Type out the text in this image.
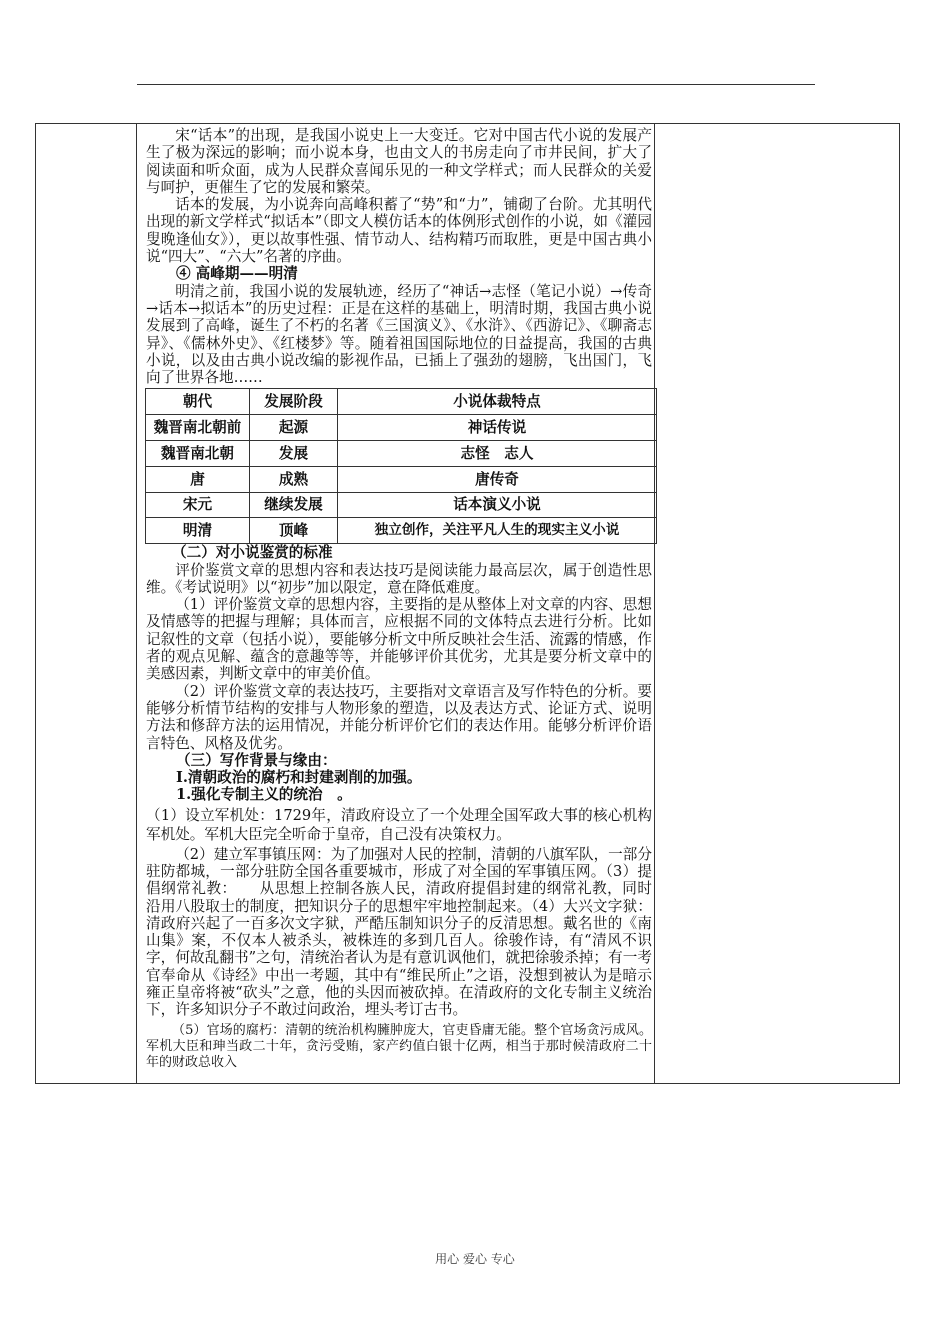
宋“话本”的出现，是我国小说史上一大变迁。它对中国古代小说的发展产生了极为深远的影响；而小说本身，也由文人的书房走向了市井民间，扩大了阅读面和听众面，成为人民群众喜闻乐见的一种文学样式；而人民群众的关爱与呵护，更催生了它的发展和繁荣。

话本的发展，为小说奔向高峰积蓄了“势”和“力”，铺砌了台阶。尤其明代出现的新文学样式“拟话本”（即文人模仿话本的体例形式创作的小说，如《灌园叟晚逢仙女》），更以故事性强、情节动人、结构精巧而取胜，更是中国古典小说“四大”、“六大”名著的序曲。

④ 高峰期——明清

明清之前，我国小说的发展轨迹，经历了“神话→志怪（笔记小说）→传奇→话本→拟话本”的历史过程：正是在这样的基础上，明清时期，我国古典小说发展到了高峰，诞生了不朽的名著《三国演义》、《水浒》、《西游记》、《聊斋志异》、《儒林外史》、《红楼梦》等。随着祖国国际地位的日益提高，我国的古典小说，以及由古典小说改编的影视作品，已插上了强劲的翅膀，飞出国门，飞向了世界各地……

朝代	发展阶段	小说体裁特点
魏晋南北朝前	起源	神话传说
魏晋南北朝	发展	志怪　志人
唐	成熟	唐传奇
宋元	继续发展	话本演义小说
明清	顶峰	独立创作，关注平凡人生的现实主义小说

（二）对小说鉴赏的标准

评价鉴赏文章的思想内容和表达技巧是阅读能力最高层次，属于创造性思维。《考试说明》以“初步”加以限定，意在降低难度。

（1）评价鉴赏文章的思想内容，主要指的是从整体上对文章的内容、思想及情感等的把握与理解；具体而言，应根据不同的文体特点去进行分析。比如记叙性的文章（包括小说），要能够分析文中所反映社会生活、流露的情感，作者的观点见解、蕴含的意趣等等，并能够评价其优劣，尤其是要分析文章中的美感因素，判断文章中的审美价值。

（2）评价鉴赏文章的表达技巧，主要指对文章语言及写作特色的分析。要能够分析情节结构的安排与人物形象的塑造，以及表达方式、论证方式、说明方法和修辞方法的运用情况，并能分析评价它们的表达作用。能够分析评价语言特色、风格及优劣。

（三）写作背景与缘由：

Ⅰ.清朝政治的腐朽和封建剥削的加强。

1.强化专制主义的统治　。

（1）设立军机处：1729年，清政府设立了一个处理全国军政大事的核心机构军机处。军机大臣完全听命于皇帝，自己没有决策权力。

（2）建立军事镇压网：为了加强对人民的控制，清朝的八旗军队，一部分驻防都城，一部分驻防全国各重要城市，形成了对全国的军事镇压网。（3）提倡纲常礼教：　　从思想上控制各族人民，清政府提倡封建的纲常礼教，同时　　沿用八股取士的制度，把知识分子的思想牢牢地控制起来。（4）大兴文字狱：清政府兴起了一百多次文字狱，严酷压制知识分子的反清思想。戴名世的《南山集》案，不仅本人被杀头，被株连的多到几百人。徐骏作诗，有“清风不识字，何故乱翻书”之句，清统治者认为是有意讥讽他们，就把徐骏杀掉；有一考官奉命从《诗经》中出一考题，其中有“维民所止”之语，没想到被认为是暗示雍正皇帝将被“砍头”之意，他的头因而被砍掉。在清政府的文化专制主义统治下，许多知识分子不敢过问政治，埋头考订古书。

（5）官场的腐朽：清朝的统治机构臃肿庞大，官吏昏庸无能。整个官场贪污成风。军机大臣和珅当政二十年，贪污受贿，家产约值白银十亿两，相当于那时候清政府二十年的财政总收入

用心 爱心 专心
